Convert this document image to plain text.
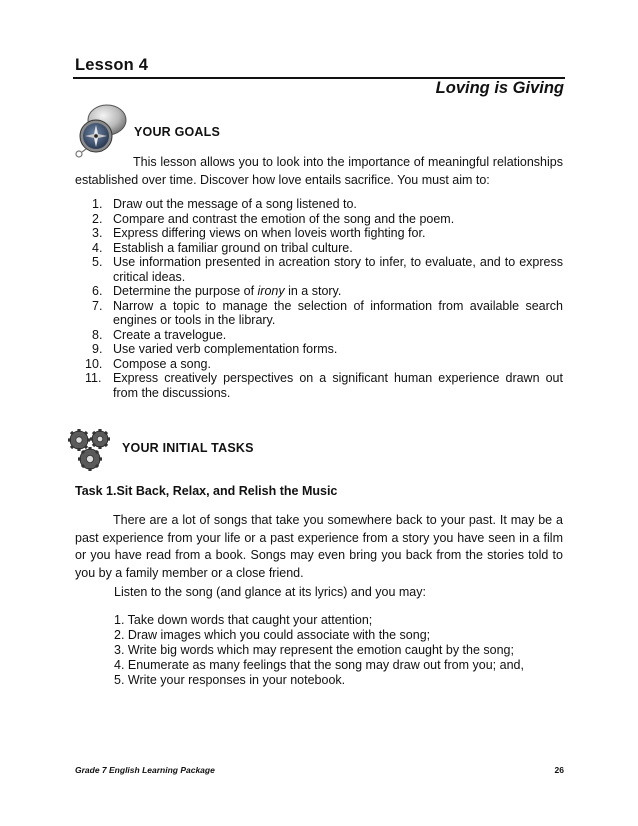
Lesson 4
Loving is Giving
YOUR GOALS

This lesson allows you to look into the importance of meaningful relationships established over time. Discover how love entails sacrifice. You must aim to:

1. Draw out the message of a song listened to.
2. Compare and contrast the emotion of the song and the poem.
3. Express differing views on when loveis worth fighting for.
4. Establish a familiar ground on tribal culture.
5. Use information presented in acreation story to infer, to evaluate, and to express critical ideas.
6. Determine the purpose of irony in a story.
7. Narrow a topic to manage the selection of information from available search engines or tools in the library.
8. Create a travelogue.
9. Use varied verb complementation forms.
10. Compose a song.
11. Express creatively perspectives on a significant human experience drawn out from the discussions.
YOUR INITIAL TASKS
Task 1.Sit Back, Relax, and Relish the Music

There are a lot of songs that take you somewhere back to your past. It may be a past experience from your life or a past experience from a story you have seen in a film or you have read from a book. Songs may even bring you back from the stories told to you by a family member or a close friend.

Listen to the song (and glance at its lyrics) and you may:
1. Take down words that caught your attention;
2. Draw images which you could associate with the song;
3. Write big words which may represent the emotion caught by the song;
4. Enumerate as many feelings that the song may draw out from you; and,
5. Write your responses in your notebook.
Grade 7 English Learning Package	26
